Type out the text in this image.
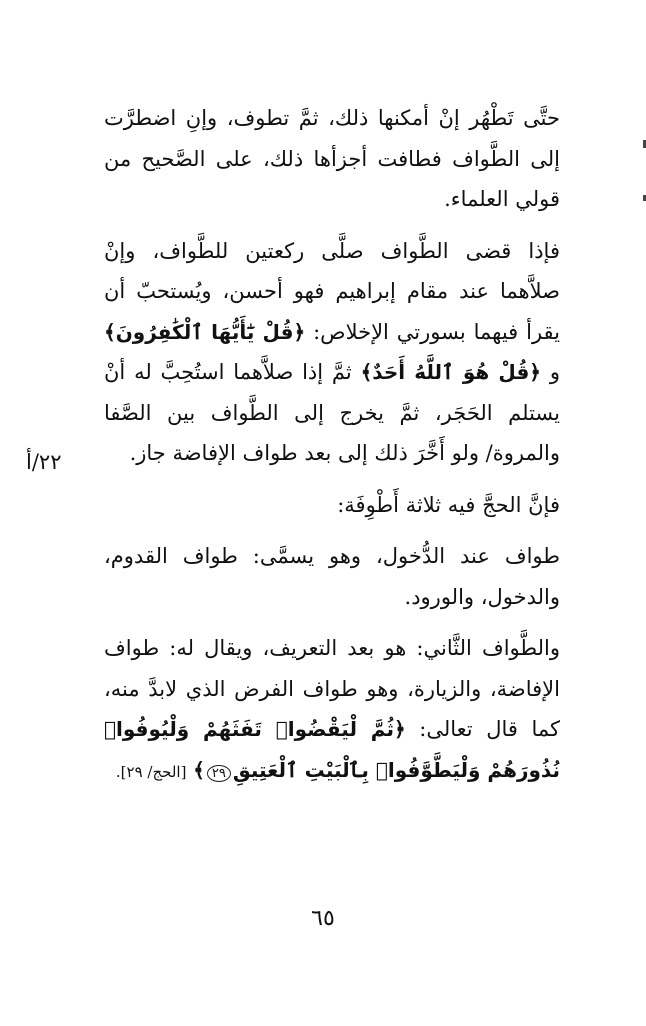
حتَّى تَطْهُر إنْ أمكنها ذلك، ثمَّ تطوف، وإنِ اضطرَّت إلى الطَّواف فطافت أجزأها ذلك، على الصَّحيح من قولي العلماء.

فإذا قضى الطَّواف صلَّى ركعتين للطَّواف، وإنْ صلاَّهما عند مقام إبراهيم فهو أحسن، ويُستحبّ أن يقرأ فيهما بسورتي الإخلاص: ﴿قُلْ يَٰٓأَيُّهَا ٱلْكَٰفِرُونَ﴾ و ﴿قُلْ هُوَ ٱللَّهُ أَحَدٌ﴾ ثمَّ إذا صلاَّهما استُحِبَّ له أنْ يستلم الحَجَر، ثمَّ يخرج إلى الطَّواف بين الصَّفا والمروة/ ولو أَخَّرَ ذلك إلى بعد طواف الإفاضة جاز.

فإنَّ الحجَّ فيه ثلاثة أَطْوِفَة:

طواف عند الدُّخول، وهو يسمَّى: طواف القدوم، والدخول، والورود.

والطَّواف الثَّاني: هو بعد التعريف، ويقال له: طواف الإفاضة، والزيارة، وهو طواف الفرض الذي لابدَّ منه، كما قال تعالى: ﴿ثُمَّ لْيَقْضُوا۟ تَفَثَهُمْ وَلْيُوفُوا۟ نُذُورَهُمْ وَلْيَطَّوَّفُوا۟ بِٱلْبَيْتِ ٱلْعَتِيقِ٢٩﴾ [الحج/ ٢٩].

٢٢/أ
٦٥
